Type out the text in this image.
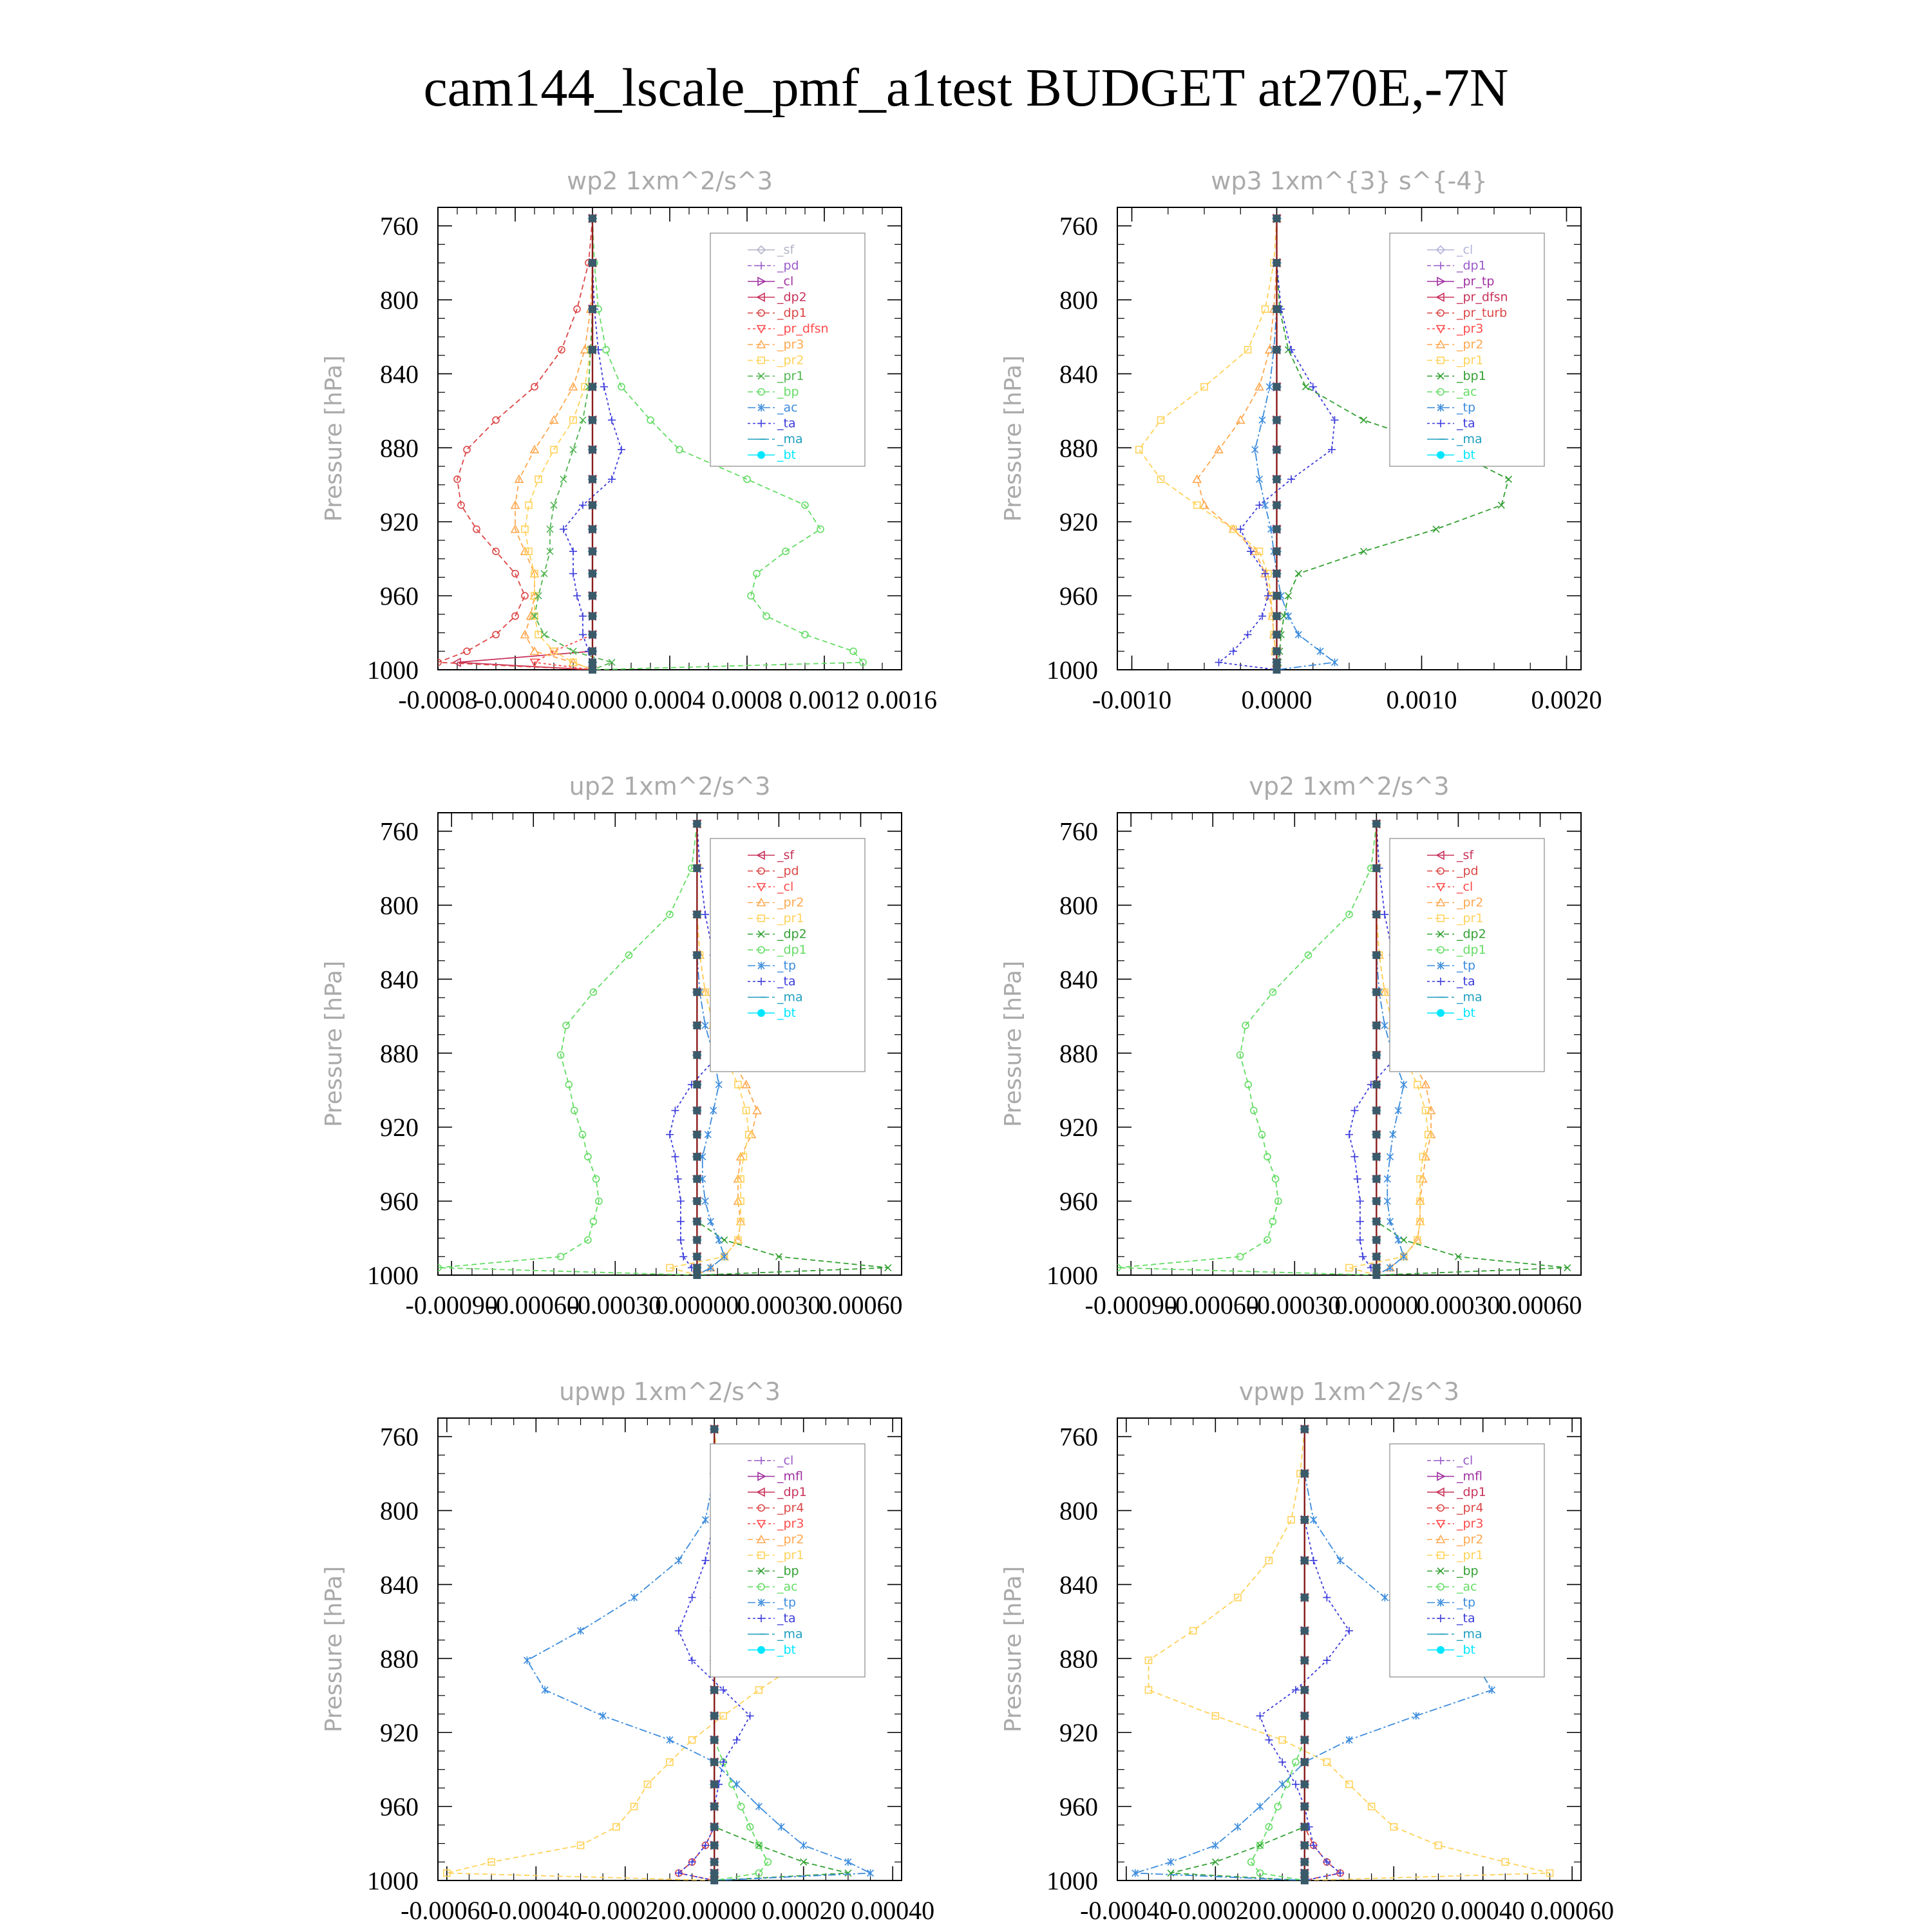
cam144_lscale_pmf_a1test BUDGET at270E,-7N
wp2 1xm^2/s^3
Pressure [hPa]
760
800
840
880
920
960
1000
-0.0008
-0.0004 0.0000 0.0004 0.0008 0.0012 0.0016
_sf
_pd
_cl
_dp2
_dp1
_pr_dfsn
_pr3
_pr2
_pr1
_bp
_ac
_ta
_ma
_bt
wp3 1xm^{3} s^{-4}
Pressure [hPa]
760
800
840
880
920
960
1000
-0.0010	0.0000	0.0010	0.0020
_cl
_dp1
_pr_tp
_pr_dfsn
_pr_turb
_pr3
_pr2
_pr1
_bp1
_ac
_tp
_ta
_ma
_bt
up2 1xm^2/s^3
Pressure [hPa]
760
800
840
880
920
960
1000
-0.00090
-0.00060
-0.00030
0.00000
0.00030
0.00060
_sf
_pd
_cl
_pr2
_pr1
_dp2
_dp1
_tp
_ta
_ma
_bt
vp2 1xm^2/s^3
Pressure [hPa]
760
800
840
880
920
960
1000
-0.00090
-0.00060
-0.00030
0.00000
0.00030
0.00060
_sf
_pd
_cl
_pr2
_pr1
_dp2
_dp1
_tp
_ta
_ma
_bt
upwp 1xm^2/s^3
Pressure [hPa]
760
800
840
880
920
960
1000
-0.00060
-0.00040
-0.00020 0.00000 0.00020 0.00040
_cl
_mfl
_dp1
_pr4
_pr3
_pr2
_pr1
_bp
_ac
_tp
_ta
_ma
_bt
vpwp 1xm^2/s^3
Pressure [hPa]
760
800
840
880
920
960
1000
-0.00040
-0.00020 0.00000 0.00020 0.00040 0.00060
_cl
_mfl
_dp1
_pr4
_pr3
_pr2
_pr1
_bp
_ac
_tp
_ta
_ma
_bt
